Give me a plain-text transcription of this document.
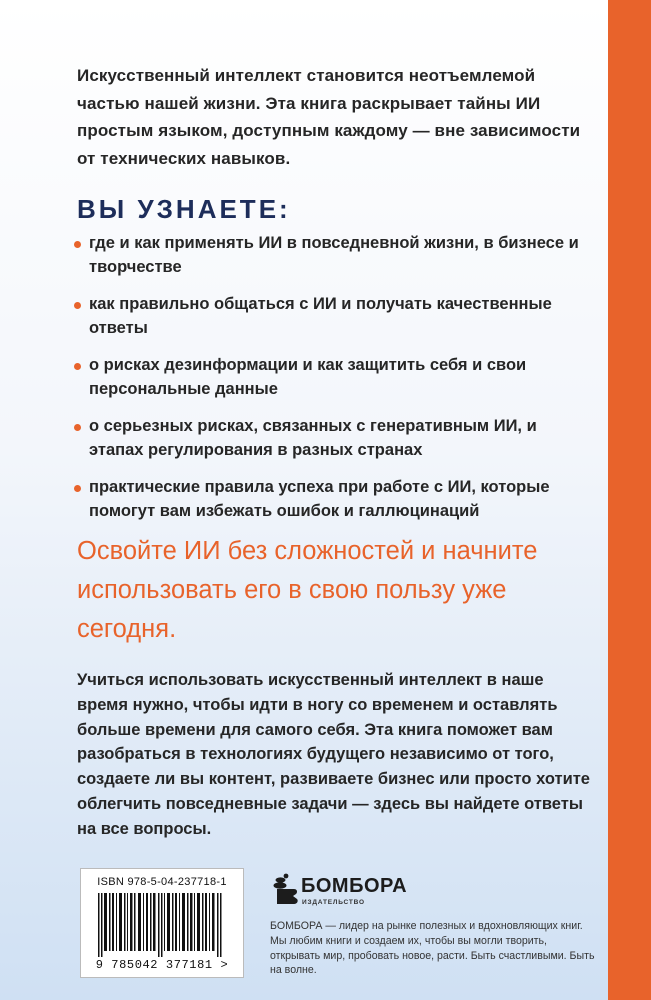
Искусственный интеллект становится неотъемлемой частью нашей жизни. Эта книга раскрывает тайны ИИ простым языком, доступным каждому — вне зависимости от технических навыков.

ВЫ УЗНАЕТЕ:
где и как применять ИИ в повседневной жизни, в бизнесе и творчестве
как правильно общаться с ИИ и получать качественные ответы
о рисках дезинформации и как защитить себя и свои персональные данные
о серьезных рисках, связанных с генеративным ИИ, и этапах регулирования в разных странах
практические правила успеха при работе с ИИ, которые помогут вам избежать ошибок и галлюцинаций

Освойте ИИ без сложностей и начните использовать его в свою пользу уже сегодня.

Учиться использовать искусственный интеллект в наше время нужно, чтобы идти в ногу со временем и оставлять больше времени для самого себя. Эта книга поможет вам разобраться в технологиях будущего независимо от того, создаете ли вы контент, развиваете бизнес или просто хотите облегчить повседневные задачи — здесь вы найдете ответы на все вопросы.

ISBN 978-5-04-237718-1
9 785042 377181 >
БОМБОРА
ИЗДАТЕЛЬСТВО
БОМБОРА — лидер на рынке полезных и вдохновляющих книг. Мы любим книги и создаем их, чтобы вы могли творить, открывать мир, пробовать новое, расти. Быть счастливыми. Быть на волне.
